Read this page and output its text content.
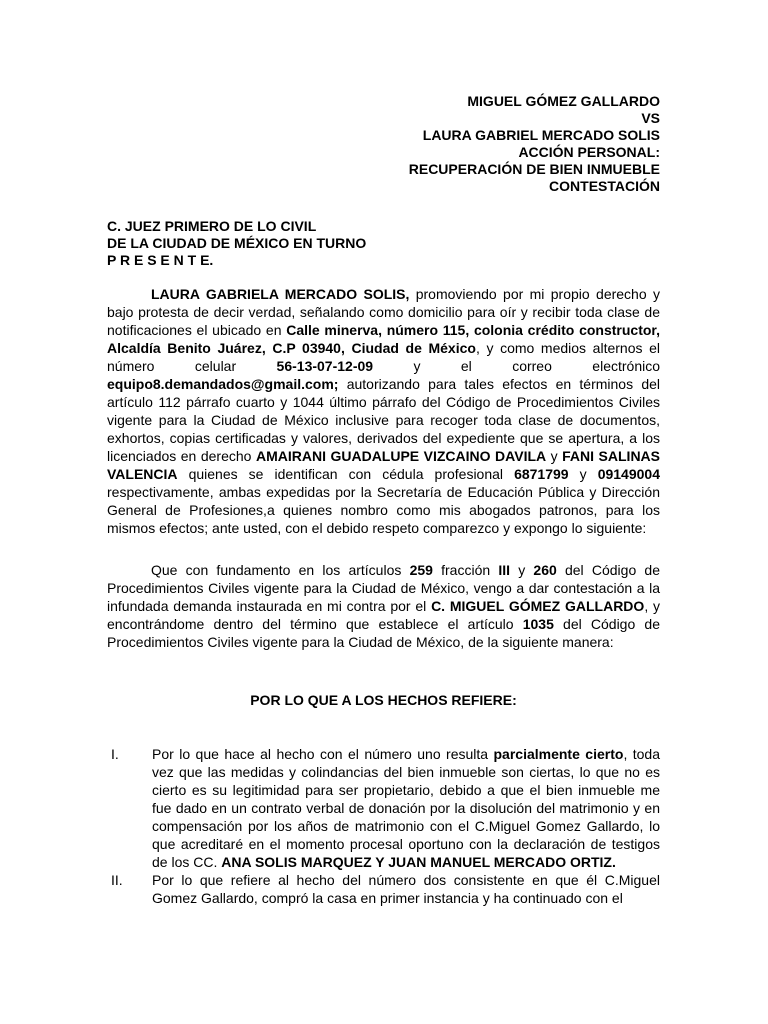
MIGUEL GÓMEZ GALLARDO
VS
LAURA GABRIEL MERCADO SOLIS
ACCIÓN PERSONAL:
RECUPERACIÓN DE BIEN INMUEBLE
CONTESTACIÓN
C. JUEZ PRIMERO DE LO CIVIL
DE LA CIUDAD DE MÉXICO EN TURNO
P R E S E N T E.

LAURA GABRIELA MERCADO SOLIS, promoviendo por mi propio derecho y bajo protesta de decir verdad, señalando como domicilio para oír y recibir toda clase de notificaciones el ubicado en Calle minerva, número 115, colonia crédito constructor, Alcaldía Benito Juárez, C.P 03940, Ciudad de México, y como medios alternos el número celular 56-13-07-12-09 y el correo electrónico equipo8.demandados@gmail.com; autorizando para tales efectos en términos del artículo 112 párrafo cuarto y 1044 último párrafo del Código de Procedimientos Civiles vigente para la Ciudad de México inclusive para recoger toda clase de documentos, exhortos, copias certificadas y valores, derivados del expediente que se apertura, a los licenciados en derecho AMAIRANI GUADALUPE VIZCAINO DAVILA y FANI SALINAS VALENCIA quienes se identifican con cédula profesional 6871799 y 09149004 respectivamente, ambas expedidas por la Secretaría de Educación Pública y Dirección General de Profesiones,a quienes nombro como mis abogados patronos, para los mismos efectos; ante usted, con el debido respeto comparezco y expongo lo siguiente:

Que con fundamento en los artículos 259 fracción III y 260 del Código de Procedimientos Civiles vigente para la Ciudad de México, vengo a dar contestación a la infundada demanda instaurada en mi contra por el C. MIGUEL GÓMEZ GALLARDO, y encontrándome dentro del término que establece el artículo 1035 del Código de Procedimientos Civiles vigente para la Ciudad de México, de la siguiente manera:

POR LO QUE A LOS HECHOS REFIERE:
I. Por lo que hace al hecho con el número uno resulta parcialmente cierto, toda vez que las medidas y colindancias del bien inmueble son ciertas, lo que no es cierto es su legitimidad para ser propietario, debido a que el bien inmueble me fue dado en un contrato verbal de donación por la disolución del matrimonio y en compensación por los años de matrimonio con el C.Miguel Gomez Gallardo, lo que acreditaré en el momento procesal oportuno con la declaración de testigos de los CC. ANA SOLIS MARQUEZ Y JUAN MANUEL MERCADO ORTIZ.
II. Por lo que refiere al hecho del número dos consistente en que él C.Miguel Gomez Gallardo, compró la casa en primer instancia y ha continuado con el
